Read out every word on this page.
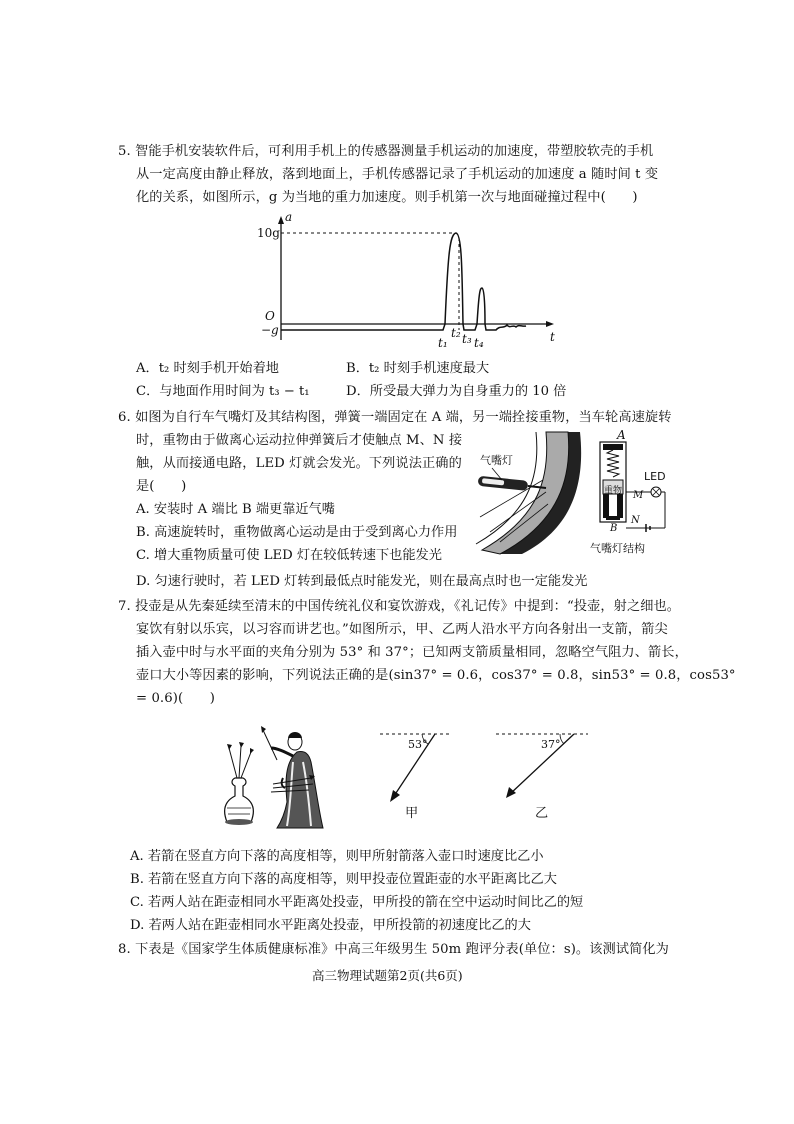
5. 智能手机安装软件后，可利用手机上的传感器测量手机运动的加速度，带塑胶软壳的手机
从一定高度由静止释放，落到地面上，手机传感器记录了手机运动的加速度 a 随时间 t 变
化的关系，如图所示，g 为当地的重力加速度。则手机第一次与地面碰撞过程中(　　)
a
t
10g
O
−g
t₁
t₂ t₃ t₄
A．t₂ 时刻手机开始着地	B．t₂ 时刻手机速度最大
C．与地面作用时间为 t₃ − t₁	D．所受最大弹力为自身重力的 10 倍
6. 如图为自行车气嘴灯及其结构图，弹簧一端固定在 A 端，另一端拴接重物，当车轮高速旋转
时，重物由于做离心运动拉伸弹簧后才使触点 M、N 接
触，从而接通电路，LED 灯就会发光。下列说法正确的
是(　　)
气嘴灯
A
重物
LED
M
N
B
气嘴灯结构
A. 安装时 A 端比 B 端更靠近气嘴
B. 高速旋转时，重物做离心运动是由于受到离心力作用
C. 增大重物质量可使 LED 灯在较低转速下也能发光
D. 匀速行驶时，若 LED 灯转到最低点时能发光，则在最高点时也一定能发光
7. 投壶是从先秦延续至清末的中国传统礼仪和宴饮游戏，《礼记传》中提到：“投壶，射之细也。
宴饮有射以乐宾，以习容而讲艺也。”如图所示，甲、乙两人沿水平方向各射出一支箭，箭尖
插入壶中时与水平面的夹角分别为 53° 和 37°；已知两支箭质量相同，忽略空气阻力、箭长，
壶口大小等因素的影响，下列说法正确的是(sin37° = 0.6，cos37° = 0.8，sin53° = 0.8，cos53°
= 0.6)(　　)
53°	37°
甲	乙
A. 若箭在竖直方向下落的高度相等，则甲所射箭落入壶口时速度比乙小
B. 若箭在竖直方向下落的高度相等，则甲投壶位置距壶的水平距离比乙大
C. 若两人站在距壶相同水平距离处投壶，甲所投的箭在空中运动时间比乙的短
D. 若两人站在距壶相同水平距离处投壶，甲所投箭的初速度比乙的大
8. 下表是《国家学生体质健康标准》中高三年级男生 50m 跑评分表(单位：s)。该测试简化为
高三物理试题第2页(共6页)
